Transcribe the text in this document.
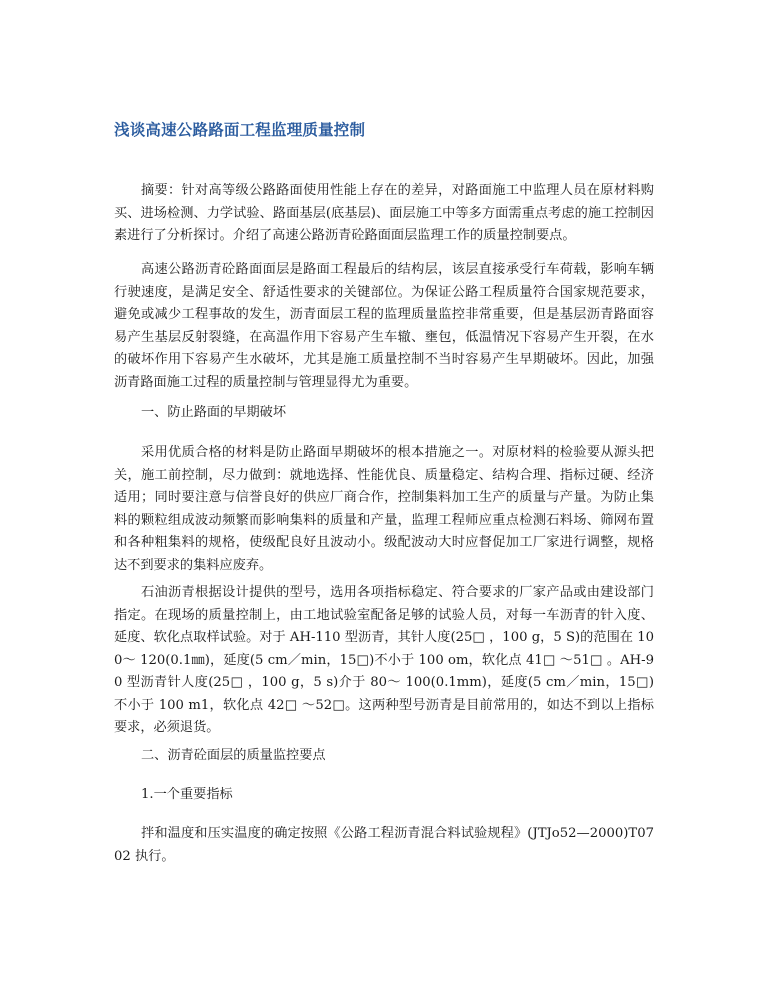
浅谈高速公路路面工程监理质量控制

摘要：针对高等级公路路面使用性能上存在的差异，对路面施工中监理人员在原材料购买、进场检测、力学试验、路面基层(底基层)、面层施工中等多方面需重点考虑的施工控制因素进行了分析探讨。介绍了高速公路沥青砼路面面层监理工作的质量控制要点。

高速公路沥青砼路面面层是路面工程最后的结构层，该层直接承受行车荷载，影响车辆行驶速度，是满足安全、舒适性要求的关键部位。为保证公路工程质量符合国家规范要求，避免或减少工程事故的发生，沥青面层工程的监理质量监控非常重要，但是基层沥青路面容易产生基层反射裂缝，在高温作用下容易产生车辙、壅包，低温情况下容易产生开裂，在水的破坏作用下容易产生水破坏，尤其是施工质量控制不当时容易产生早期破坏。因此，加强沥青路面施工过程的质量控制与管理显得尤为重要。

一、防止路面的早期破坏

采用优质合格的材料是防止路面早期破坏的根本措施之一。对原材料的检验要从源头把关，施工前控制，尽力做到：就地选择、性能优良、质量稳定、结构合理、指标过硬、经济 适用；同时要注意与信誉良好的供应厂商合作，控制集料加工生产的质量与产量。为防止集料的颗粒组成波动频繁而影响集料的质量和产量，监理工程师应重点检测石料场、筛网布置和各种粗集料的规格，使级配良好且波动小。级配波动大时应督促加工厂家进行调整，规格达不到要求的集料应废弃。

石油沥青根据设计提供的型号，选用各项指标稳定、符合要求的厂家产品或由建设部门指定。在现场的质量控制上，由工地试验室配备足够的试验人员，对每一车沥青的针入度、延度、软化点取样试验。对于 AH-110 型沥青，其针人度(25□ ，100 g，5 S)的范围在 100～ 120(0.1㎜)，延度(5 cm／min，15□)不小于 100 om，软化点 41□ ～51□ 。AH-90 型沥青针人度(25□ ，100 g，5 s)介于 80～ 100(0.1mm)，延度(5 cm／min，15□)不小于 100 m1，软化点 42□ ～52□。这两种型号沥青是目前常用的，如达不到以上指标要求，必须退货。

二、沥青砼面层的质量监控要点

1.一个重要指标

拌和温度和压实温度的确定按照《公路工程沥青混合料试验规程》(JTJo52—2000)T0702 执行。
